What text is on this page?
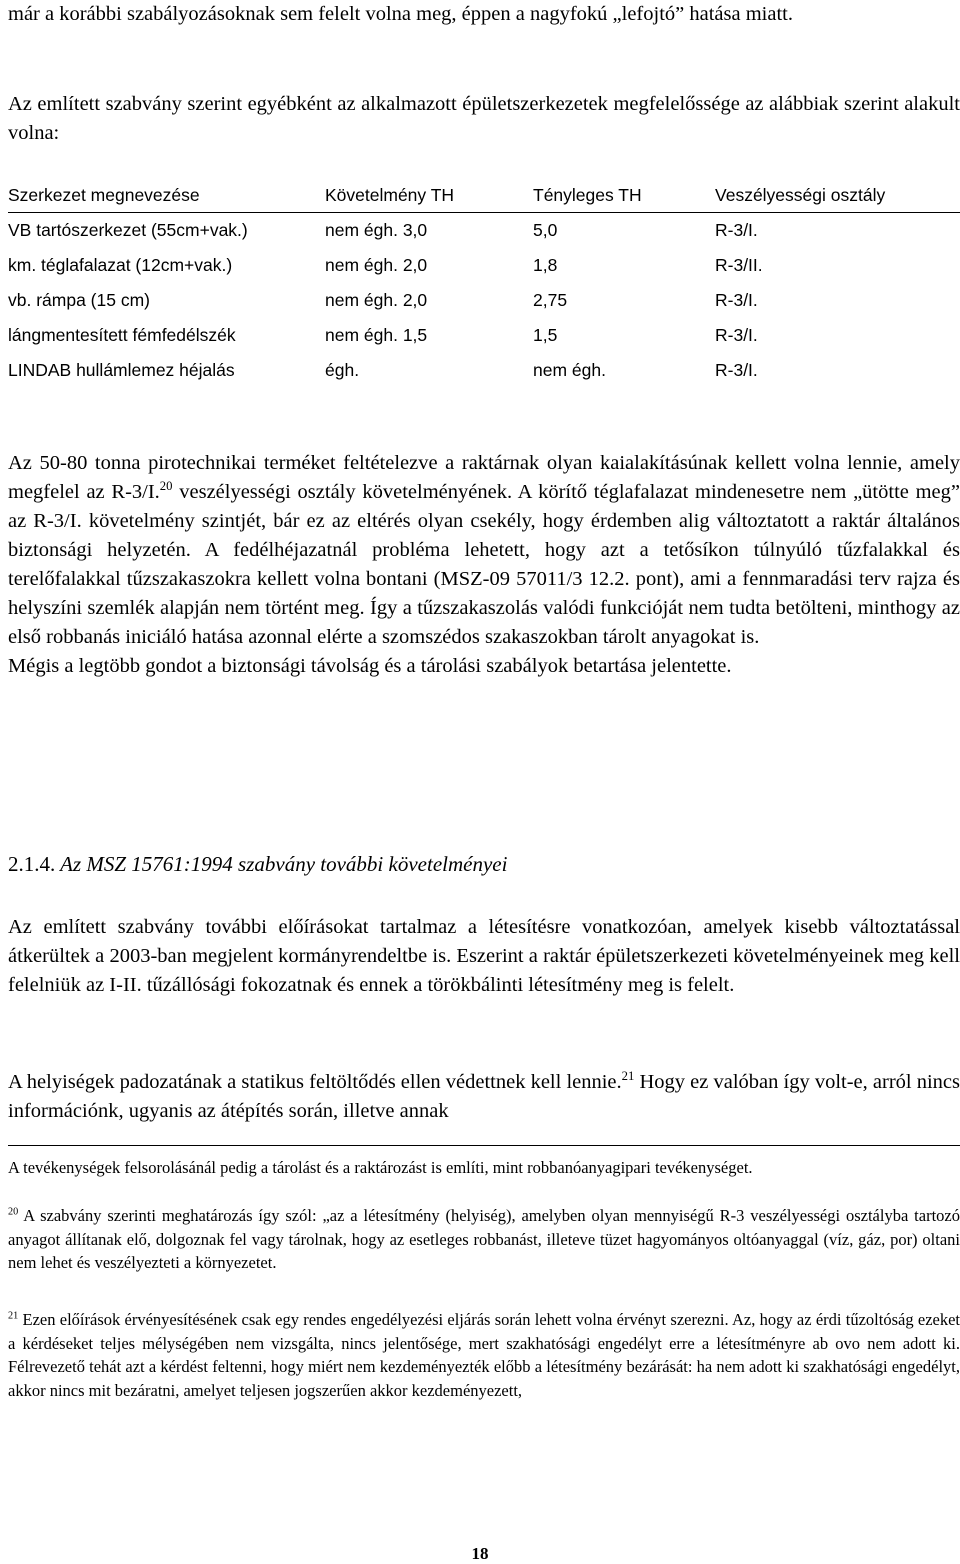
már a korábbi szabályozásoknak sem felelt volna meg, éppen a nagyfokú „lefojtó” hatása miatt.

Az említett szabvány szerint egyébként az alkalmazott épületszerkezetek megfelelőssége az alábbiak szerint alakult volna:

Szerkezet megnevezése	Követelmény TH	Tényleges TH	Veszélyességi osztály
VB tartószerkezet (55cm+vak.)	nem égh. 3,0	5,0	R-3/I.
km. téglafalazat (12cm+vak.)	nem égh. 2,0	1,8	R-3/II.
vb. rámpa (15 cm)	nem égh. 2,0	2,75	R-3/I.
lángmentesített fémfedélszék	nem égh. 1,5	1,5	R-3/I.
LINDAB hullámlemez héjalás	égh.	nem égh.	R-3/I.

Az 50-80 tonna pirotechnikai terméket feltételezve a raktárnak olyan kaialakításúnak kellett volna lennie, amely megfelel az R-3/I.$^{20}$ veszélyességi osztály követelményének. A körítő téglafalazat mindenesetre nem „ütötte meg” az R-3/I. követelmény szintjét, bár ez az eltérés olyan csekély, hogy érdemben alig változtatott a raktár általános biztonsági helyzetén. A fedélhéjazatnál probléma lehetett, hogy azt a tetősíkon túlnyúló tűzfalakkal és terelőfalakkal tűzszakaszokra kellett volna bontani (MSZ-09 57011/3 12.2. pont), ami a fennmaradási terv rajza és helyszíni szemlék alapján nem történt meg. Így a tűzszakaszolás valódi funkcióját nem tudta betölteni, minthogy az első robbanás iniciáló hatása azonnal elérte a szomszédos szakaszokban tárolt anyagokat is.
Mégis a legtöbb gondot a biztonsági távolság és a tárolási szabályok betartása jelentette.

2.1.4. Az MSZ 15761:1994 szabvány további követelményei

Az említett szabvány további előírásokat tartalmaz a létesítésre vonatkozóan, amelyek kisebb változtatással átkerültek a 2003-ban megjelent kormányrendeltbe is. Eszerint a raktár épületszerkezeti követelményeinek meg kell felelniük az I-II. tűzállósági fokozatnak és ennek a törökbálinti létesítmény meg is felelt.

A helyiségek padozatának a statikus feltöltődés ellen védettnek kell lennie.$^{21}$ Hogy ez valóban így volt-e, arról nincs információnk, ugyanis az átépítés során, illetve annak

A tevékenységek felsorolásánál pedig a tárolást és a raktározást is említi, mint robbanóanyagipari tevékenységet.

$^{20}$ A szabvány szerinti meghatározás így szól: „az a létesítmény (helyiség), amelyben olyan mennyiségű R-3 veszélyességi osztályba tartozó anyagot állítanak elő, dolgoznak fel vagy tárolnak, hogy az esetleges robbanást, illeteve tüzet hagyományos oltóanyaggal (víz, gáz, por) oltani nem lehet és veszélyezteti a környezetet.

$^{21}$ Ezen előírások érvényesítésének csak egy rendes engedélyezési eljárás során lehett volna érvényt szerezni. Az, hogy az érdi tűzoltóság ezeket a kérdéseket teljes mélységében nem vizsgálta, nincs jelentősége, mert szakhatósági engedélyt erre a létesítményre ab ovo nem adott ki. Félrevezető tehát azt a kérdést feltenni, hogy miért nem kezdeményezték előbb a létesítmény bezárását: ha nem adott ki szakhatósági engedélyt, akkor nincs mit bezáratni, amelyet teljesen jogszerűen akkor kezdeményezett,

18
